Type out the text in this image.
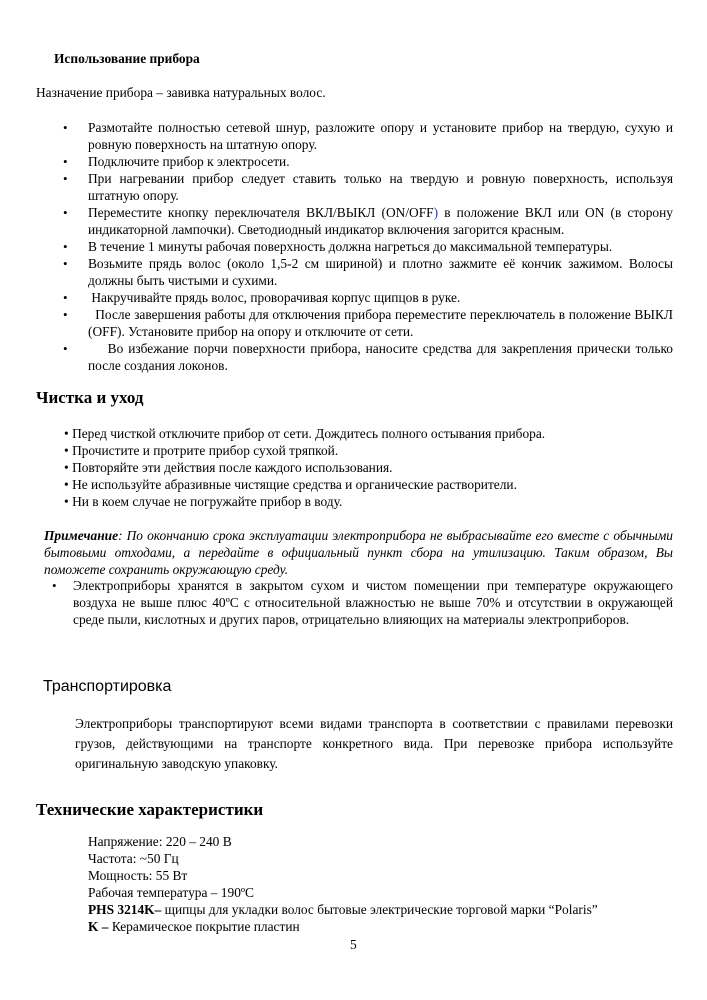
Использование прибора
Назначение прибора – завивка натуральных волос.
• Размотайте полностью сетевой шнур, разложите опору и установите прибор на твердую, сухую и ровную поверхность на штатную опору.
• Подключите прибор к электросети.
• При нагревании прибор следует ставить только на твердую и ровную поверхность, используя штатную опору.
• Переместите кнопку переключателя ВКЛ/ВЫКЛ (ON/OFF) в положение ВКЛ или ON (в сторону индикаторной лампочки). Светодиодный индикатор включения загорится красным.
• В течение 1 минуты рабочая поверхность должна нагреться до максимальной температуры.
• Возьмите прядь волос (около 1,5-2 см шириной) и плотно зажмите её кончик зажимом. Волосы должны быть чистыми и сухими.
• Накручивайте прядь волос, проворачивая корпус щипцов в руке.
• После завершения работы для отключения прибора переместите переключатель в положение ВЫКЛ (OFF). Установите прибор на опору и отключите от сети.
• Во избежание порчи поверхности прибора, наносите средства для закрепления прически только после создания локонов.
Чистка и уход
• Перед чисткой отключите прибор от сети. Дождитесь полного остывания прибора.
• Прочистите и протрите прибор сухой тряпкой.
• Повторяйте эти действия после каждого использования.
• Не используйте абразивные чистящие средства и органические растворители.
• Ни в коем случае не погружайте прибор в воду.
Примечание: По окончанию срока эксплуатации электроприбора не выбрасывайте его вместе с обычными бытовыми отходами, а передайте в официальный пункт сбора на утилизацию. Таким образом, Вы поможете сохранить окружающую среду.
• Электроприборы хранятся в закрытом сухом и чистом помещении при температуре окружающего воздуха не выше плюс 40ºС с относительной влажностью не выше 70% и отсутствии в окружающей среде пыли, кислотных и других паров, отрицательно влияющих на материалы электроприборов.
Транспортировка
Электроприборы транспортируют всеми видами транспорта в соответствии с правилами перевозки грузов, действующими на транспорте конкретного вида. При перевозке прибора используйте оригинальную заводскую упаковку.
Технические характеристики
Напряжение: 220 – 240 В
Частота: ~50 Гц
Мощность: 55 Вт
Рабочая температура – 190ºС
PHS 3214K– щипцы для укладки волос бытовые электрические торговой марки “Polaris”
K – Керамическое покрытие пластин
5
